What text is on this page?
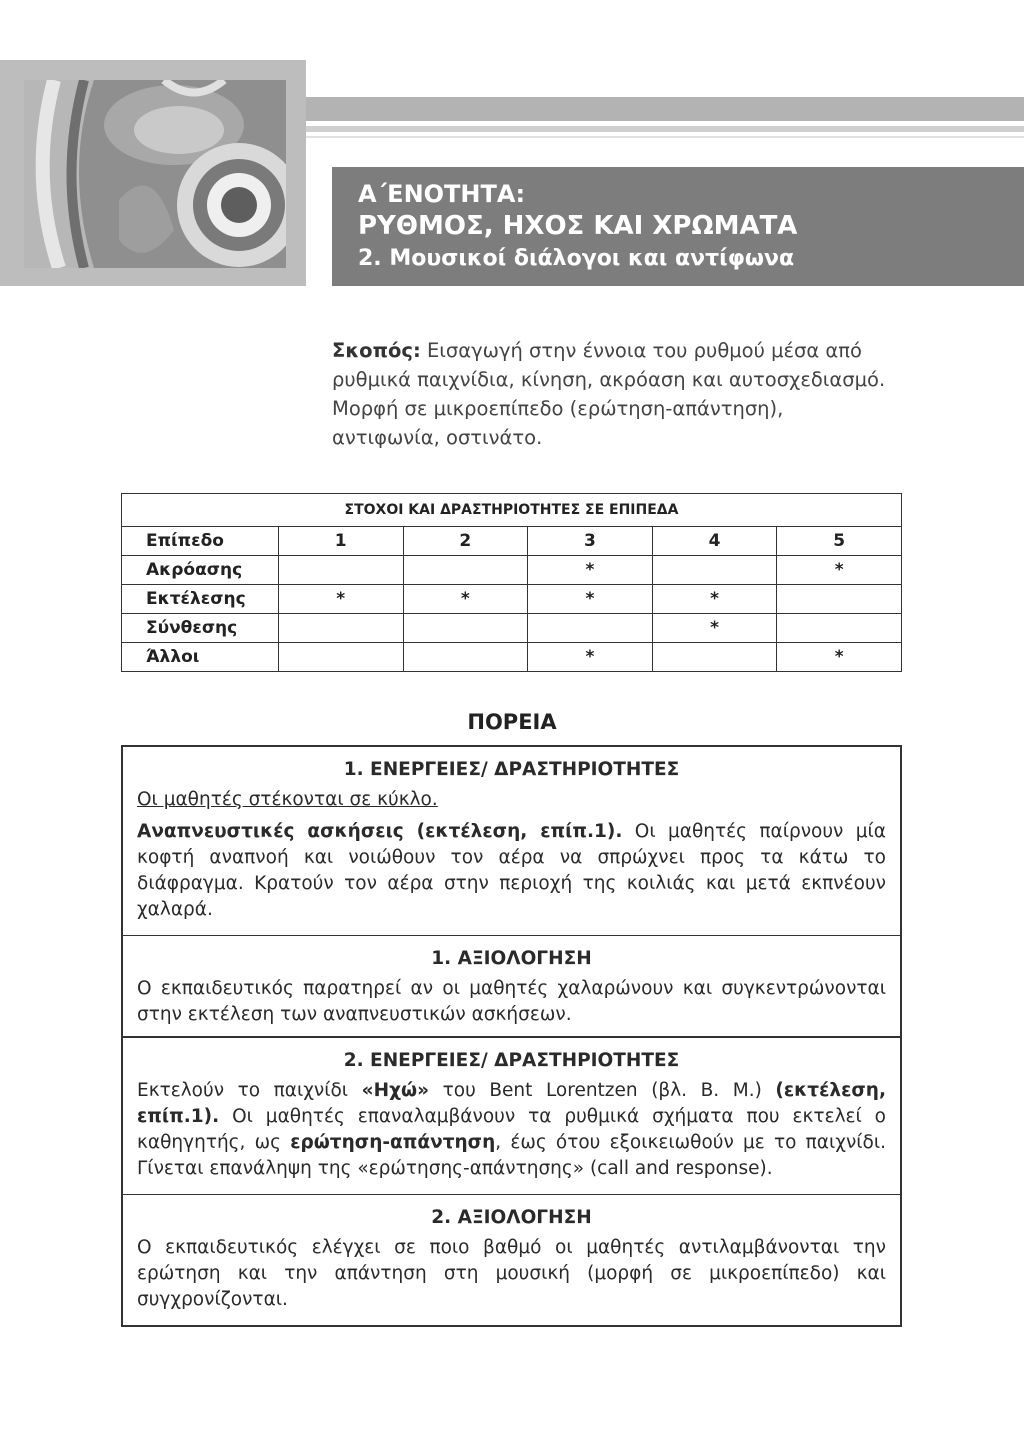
Α΄ΕΝΟΤΗΤΑ:
ΡΥΘΜΟΣ, ΗΧΟΣ ΚΑΙ ΧΡΩΜΑΤΑ
2. Μουσικοί διάλογοι και αντίφωνα
Σκοπός: Εισαγωγή στην έννοια του ρυθμού μέσα από ρυθμικά παιχνίδια, κίνηση, ακρόαση και αυτοσχεδιασμό. Μορφή σε μικροεπίπεδο (ερώτηση-απάντηση), αντιφωνία, οστινάτο.
ΣΤΟΧΟΙ ΚΑΙ ΔΡΑΣΤΗΡΙΟΤΗΤΕΣ ΣΕ ΕΠΙΠΕΔΑ					
Επίπεδο	1	2	3	4	5
Ακρόασης			*		*
Εκτέλεσης	*	*	*	*	
Σύνθεσης				*	
Άλλοι			*		*
ΠΟΡΕΙΑ
1. ΕΝΕΡΓΕΙΕΣ/ ΔΡΑΣΤΗΡΙΟΤΗΤΕΣ

Οι μαθητές στέκονται σε κύκλο.

Αναπνευστικές ασκήσεις (εκτέλεση, επίπ.1). Οι μαθητές παίρνουν μία κοφτή αναπνοή και νοιώθουν τον αέρα να σπρώχνει προς τα κάτω το διάφραγμα. Κρατούν τον αέρα στην περιοχή της κοιλιάς και μετά εκπνέουν χαλαρά.

1. ΑΞΙΟΛΟΓΗΣΗ

Ο εκπαιδευτικός παρατηρεί αν οι μαθητές χαλαρώνουν και συγκεντρώνονται στην εκτέλεση των αναπνευστικών ασκήσεων.

2. ΕΝΕΡΓΕΙΕΣ/ ΔΡΑΣΤΗΡΙΟΤΗΤΕΣ

Εκτελούν το παιχνίδι «Ηχώ» του Bent Lorentzen (βλ. Β. Μ.) (εκτέλεση, επίπ.1). Οι μαθητές επαναλαμβάνουν τα ρυθμικά σχήματα που εκτελεί ο καθηγητής, ως ερώτηση-απάντηση, έως ότου εξοικειωθούν με το παιχνίδι. Γίνεται επανάληψη της «ερώτησης-απάντησης» (call and response).

2. ΑΞΙΟΛΟΓΗΣΗ

Ο εκπαιδευτικός ελέγχει σε ποιο βαθμό οι μαθητές αντιλαμβάνονται την ερώτηση και την απάντηση στη μουσική (μορφή σε μικροεπίπεδο) και συγχρονίζονται.
